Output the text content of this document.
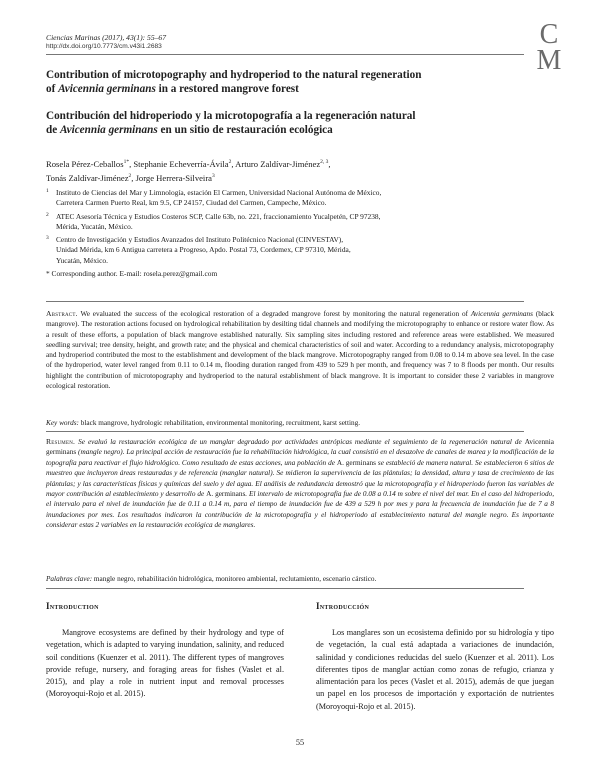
Ciencias Marinas (2017), 43(1): 55–67
http://dx.doi.org/10.7773/cm.v43i1.2683	C
M
Contribution of microtopography and hydroperiod to the natural regeneration
of Avicennia germinans in a restored mangrove forest
Contribución del hidroperiodo y la microtopografía a la regeneración natural
de Avicennia germinans en un sitio de restauración ecológica
Rosela Pérez-Ceballos$^{1*}$, Stephanie Echeverría-Ávila$^2$, Arturo Zaldívar-Jiménez$^{2, 3}$,
Tonás Zaldívar-Jiménez$^2$, Jorge Herrera-Silveira$^3$
1 Instituto de Ciencias del Mar y Limnología, estación El Carmen, Universidad Nacional Autónoma de México,
Carretera Carmen Puerto Real, km 9.5, CP 24157, Ciudad del Carmen, Campeche, México.
2 ATEC Asesoría Técnica y Estudios Costeros SCP, Calle 63b, no. 221, fraccionamiento Yucalpetén, CP 97238,
Mérida, Yucatán, México.
3 Centro de Investigación y Estudios Avanzados del Instituto Politécnico Nacional (CINVESTAV),
Unidad Mérida, km 6 Antigua carretera a Progreso, Apdo. Postal 73, Cordemex, CP 97310, Mérida,
Yucatán, México.
* Corresponding author. E-mail: rosela.perez@gmail.com
Abstract. We evaluated the success of the ecological restoration of a degraded mangrove forest by monitoring the natural regeneration of Avicennia germinans (black mangrove). The restoration actions focused on hydrological rehabilitation by desilting tidal channels and modifying the microtopography to enhance or restore water flow. As a result of these efforts, a population of black mangrove established naturally. Six sampling sites including restored and reference areas were established. We measured seedling survival; tree density, height, and growth rate; and the physical and chemical characteristics of soil and water. According to a redundancy analysis, microtopography and hydroperiod contributed the most to the establishment and development of the black mangrove. Microtopography ranged from 0.08 to 0.14 m above sea level. In the case of the hydroperiod, water level ranged from 0.11 to 0.14 m, flooding duration ranged from 439 to 529 h per month, and frequency was 7 to 8 floods per month. Our results highlight the contribution of microtopography and hydroperiod to the natural establishment of black mangrove. It is important to consider these 2 variables in mangrove ecological restoration.
Key words: black mangrove, hydrologic rehabilitation, environmental monitoring, recruitment, karst setting.
Resumen. Se evaluó la restauración ecológica de un manglar degradado por actividades antrópicas mediante el seguimiento de la regeneración natural de Avicennia germinans (mangle negro). La principal acción de restauración fue la rehabilitación hidrológica, la cual consistió en el desazolve de canales de marea y la modificación de la topografía para reactivar el flujo hidrológico. Como resultado de estas acciones, una población de A. germinans se estableció de manera natural. Se establecieron 6 sitios de muestreo que incluyeron áreas restauradas y de referencia (manglar natural). Se midieron la supervivencia de las plántulas; la densidad, altura y tasa de crecimiento de las plántulas; y las características físicas y químicas del suelo y del agua. El análisis de redundancia demostró que la microtopografía y el hidroperiodo fueron las variables de mayor contribución al establecimiento y desarrollo de A. germinans. El intervalo de microtopografía fue de 0.08 a 0.14 m sobre el nivel del mar. En el caso del hidroperiodo, el intervalo para el nivel de inundación fue de 0.11 a 0.14 m, para el tiempo de inundación fue de 439 a 529 h por mes y para la frecuencia de inundación fue de 7 a 8 inundaciones por mes. Los resultados indicaron la contribución de la microtopografía y el hidroperiodo al establecimiento natural del mangle negro. Es importante considerar estas 2 variables en la restauración ecológica de manglares.
Palabras clave: mangle negro, rehabilitación hidrológica, monitoreo ambiental, reclutamiento, escenario cárstico.
Introduction
Mangrove ecosystems are defined by their hydrology and type of vegetation, which is adapted to varying inundation, salinity, and reduced soil conditions (Kuenzer et al. 2011). The different types of mangroves provide refuge, nursery, and foraging areas for fishes (Vaslet et al. 2015), and play a role in nutrient input and removal processes (Moroyoqui-Rojo et al. 2015).
Introducción
Los manglares son un ecosistema definido por su hidrología y tipo de vegetación, la cual está adaptada a variaciones de inundación, salinidad y condiciones reducidas del suelo (Kuenzer et al. 2011). Los diferentes tipos de manglar actúan como zonas de refugio, crianza y alimentación para los peces (Vaslet et al. 2015), además de que juegan un papel en los procesos de importación y exportación de nutrientes (Moroyoqui-Rojo et al. 2015).
55
